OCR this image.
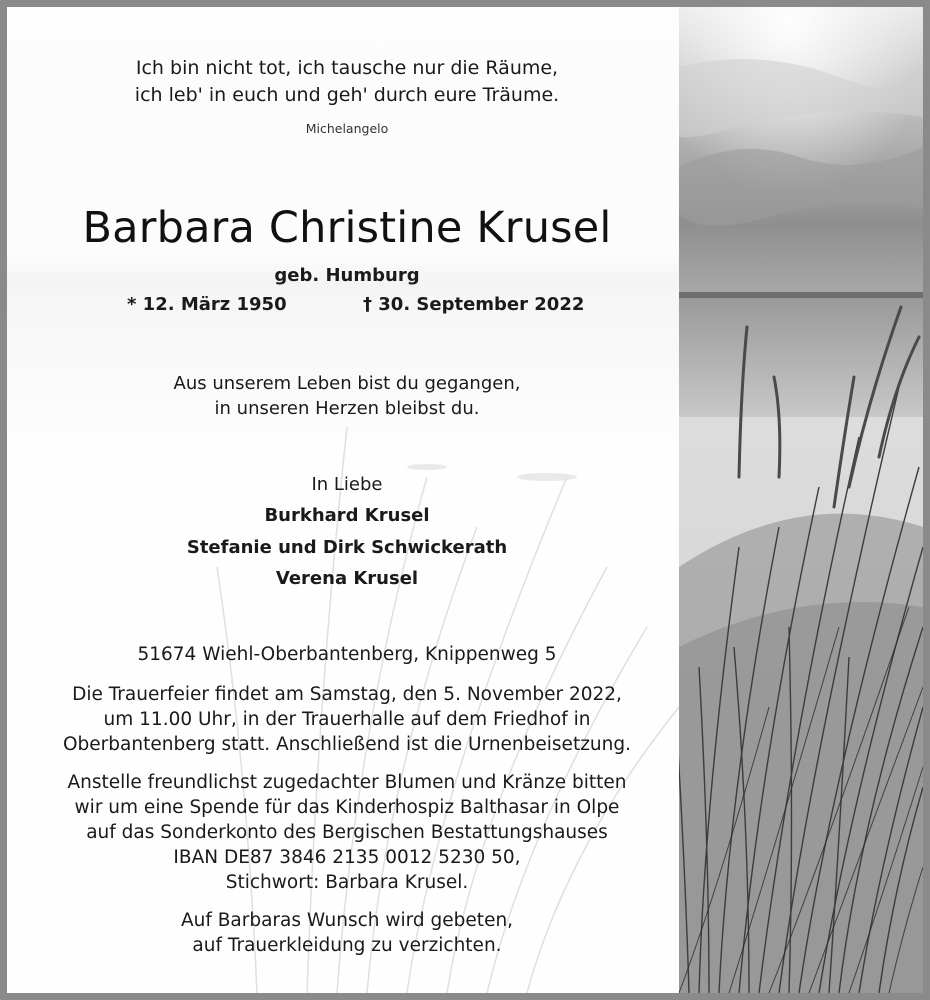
Ich bin nicht tot, ich tausche nur die Räume,
ich leb' in euch und geh' durch eure Träume.
Michelangelo
Barbara Christine Krusel
geb. Humburg
* 12. März 1950	† 30. September 2022
Aus unserem Leben bist du gegangen,
in unseren Herzen bleibst du.
In Liebe
Burkhard Krusel
Stefanie und Dirk Schwickerath
Verena Krusel
51674 Wiehl-Oberbantenberg, Knippenweg 5
Die Trauerfeier findet am Samstag, den 5. November 2022,
um 11.00 Uhr, in der Trauerhalle auf dem Friedhof in
Oberbantenberg statt. Anschließend ist die Urnenbeisetzung.
Anstelle freundlichst zugedachter Blumen und Kränze bitten
wir um eine Spende für das Kinderhospiz Balthasar in Olpe
auf das Sonderkonto des Bergischen Bestattungshauses
IBAN DE87 3846 2135 0012 5230 50,
Stichwort: Barbara Krusel.
Auf Barbaras Wunsch wird gebeten,
auf Trauerkleidung zu verzichten.
